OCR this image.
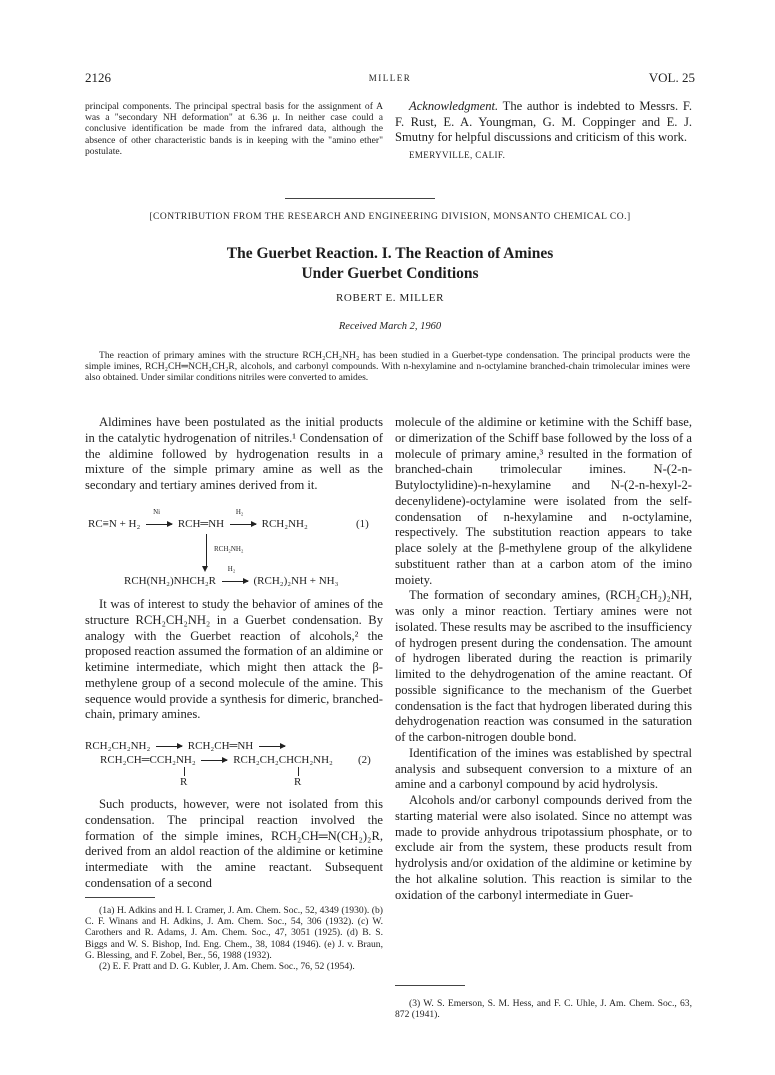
2126	MILLER	VOL. 25

principal components. The principal spectral basis for the assignment of A was a "secondary NH deformation" at 6.36 μ. In neither case could a conclusive identification be made from the infrared data, although the absence of other characteristic bands is in keeping with the "amino ether" postulate.

Acknowledgment. The author is indebted to Messrs. F. F. Rust, E. A. Youngman, G. M. Coppinger and E. J. Smutny for helpful discussions and criticism of this work.

EMERYVILLE, CALIF.

[CONTRIBUTION FROM THE RESEARCH AND ENGINEERING DIVISION, MONSANTO CHEMICAL CO.]
The Guerbet Reaction. I. The Reaction of Amines
Under Guerbet Conditions
ROBERT E. MILLER
Received March 2, 1960
The reaction of primary amines with the structure RCH₂CH₂NH₂ has been studied in a Guerbet-type condensation. The principal products were the simple imines, RCH₂CH═NCH₂CH₂R, alcohols, and carbonyl compounds. With n-hexylamine and n-octylamine branched-chain trimolecular imines were also obtained. Under similar conditions nitriles were converted to amides.

Aldimines have been postulated as the initial products in the catalytic hydrogenation of nitriles.¹ Condensation of the aldimine followed by hydrogenation results in a mixture of the simple primary amine as well as the secondary and tertiary amines derived from it.

RC≡N + H₂
Ni
RCH═NH
H₂
RCH₂NH₂	(1)
RCH₂NH₂
RCH(NH₂)NHCH₂R
H₂
(RCH₂)₂NH + NH₃

It was of interest to study the behavior of amines of the structure RCH₂CH₂NH₂ in a Guerbet condensation. By analogy with the Guerbet reaction of alcohols,² the proposed reaction assumed the formation of an aldimine or ketimine intermediate, which might then attack the β-methylene group of a second molecule of the amine. This sequence would provide a synthesis for dimeric, branched-chain, primary amines.

RCH₂CH₂NH₂	RCH₂CH═NH
RCH₂CH═CCH₂NH₂	RCH₂CH₂CHCH₂NH₂ (2)
R	R

Such products, however, were not isolated from this condensation. The principal reaction involved the formation of the simple imines, RCH₂CH═N(CH₂)₂R, derived from an aldol reaction of the aldimine or ketimine intermediate with the amine reactant. Subsequent condensation of a second

(1a) H. Adkins and H. I. Cramer, J. Am. Chem. Soc., 52, 4349 (1930). (b) C. F. Winans and H. Adkins, J. Am. Chem. Soc., 54, 306 (1932). (c) W. Carothers and R. Adams, J. Am. Chem. Soc., 47, 3051 (1925). (d) B. S. Biggs and W. S. Bishop, Ind. Eng. Chem., 38, 1084 (1946). (e) J. v. Braun, G. Blessing, and F. Zobel, Ber., 56, 1988 (1932).

(2) E. F. Pratt and D. G. Kubler, J. Am. Chem. Soc., 76, 52 (1954).

molecule of the aldimine or ketimine with the Schiff base, or dimerization of the Schiff base followed by the loss of a molecule of primary amine,³ resulted in the formation of branched-chain trimolecular imines. N-(2-n-Butyloctylidine)-n-hexylamine and N-(2-n-hexyl-2-decenylidene)-octylamine were isolated from the self-condensation of n-hexylamine and n-octylamine, respectively. The substitution reaction appears to take place solely at the β-methylene group of the alkylidene substituent rather than at a carbon atom of the imino moiety.

The formation of secondary amines, (RCH₂CH₂)₂NH, was only a minor reaction. Tertiary amines were not isolated. These results may be ascribed to the insufficiency of hydrogen present during the condensation. The amount of hydrogen liberated during the reaction is primarily limited to the dehydrogenation of the amine reactant. Of possible significance to the mechanism of the Guerbet condensation is the fact that hydrogen liberated during this dehydrogenation reaction was consumed in the saturation of the carbon-nitrogen double bond.

Identification of the imines was established by spectral analysis and subsequent conversion to a mixture of an amine and a carbonyl compound by acid hydrolysis.

Alcohols and/or carbonyl compounds derived from the starting material were also isolated. Since no attempt was made to provide anhydrous tripotassium phosphate, or to exclude air from the system, these products result from hydrolysis and/or oxidation of the aldimine or ketimine by the hot alkaline solution. This reaction is similar to the oxidation of the carbonyl intermediate in Guer-

(3) W. S. Emerson, S. M. Hess, and F. C. Uhle, J. Am. Chem. Soc., 63, 872 (1941).
